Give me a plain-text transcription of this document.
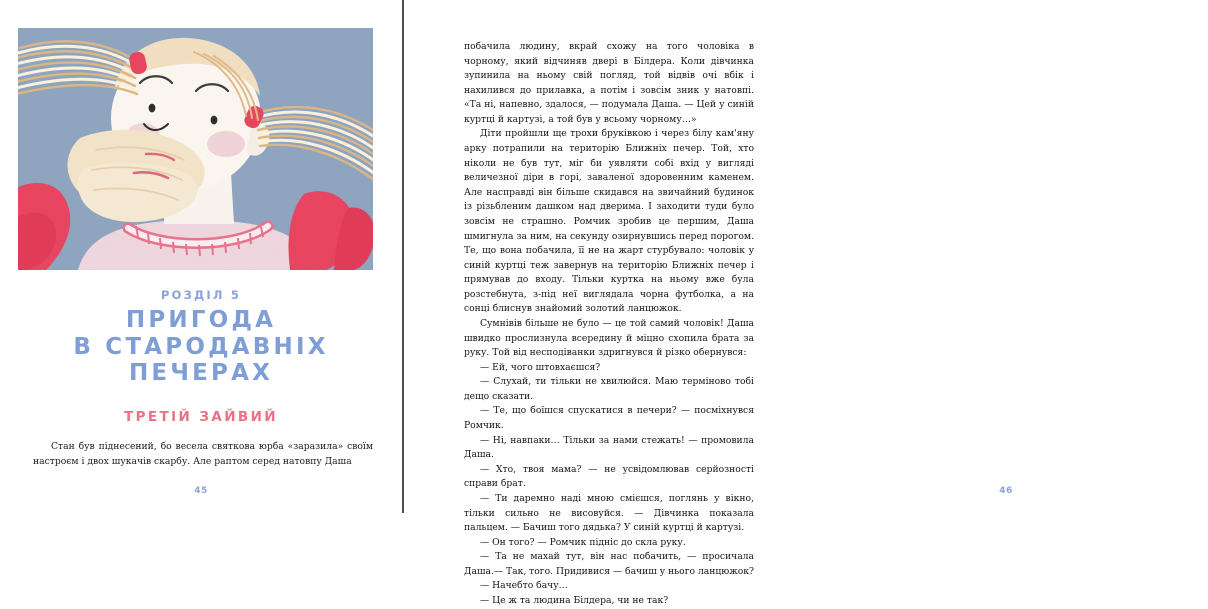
РОЗДІЛ 5
ПРИГОДА
В СТАРОДАВНІХ
ПЕЧЕРАХ
ТРЕТІЙ ЗАЙВИЙ
Стан був піднесений, бо весела святкова юрба «заразила» своїм настроєм і двох шукачів скарбу. Але раптом серед натовпу Даша
45

побачила людину, вкрай схожу на того чоловіка в чорному, який відчиняв двері в Білдера. Коли дівчинка зупинила на ньому свій погляд, той відвів очі вбік і нахилився до прилавка, а потім і зовсім зник у натовпі. «Та ні, напевно, здалося, — подумала Даша. — Цей у синій куртці й картузі, а той був у всьому чорному…»

Діти пройшли ще трохи бруківкою і через білу кам'яну арку потрапили на територію Ближніх печер. Той, хто ніколи не був тут, міг би уявляти собі вхід у вигляді величезної діри в горі, заваленої здоровенним каменем. Але насправді він більше скидався на звичайний будинок із різьбленим дашком над дверима. І заходити туди було зовсім не страшно. Ромчик зробив це першим, Даша шмигнула за ним, на секунду озирнувшись перед порогом. Те, що вона побачила, її не на жарт стурбувало: чоловік у синій куртці теж завернув на територію Ближніх печер і прямував до входу. Тільки куртка на ньому вже була розстебнута, з-під неї виглядала чорна футболка, а на сонці блиснув знайомий золотий ланцюжок.

Сумнівів більше не було — це той самий чоловік! Даша швидко прослизнула всередину й міцно схопила брата за руку. Той від несподіванки здригнувся й різко обернувся:

— Ей, чого штовхаєшся?

— Слухай, ти тільки не хвилюйся. Маю терміново тобі дещо сказати.

— Те, що боїшся спускатися в печери? — посміхнувся Ромчик.

— Ні, навпаки… Тільки за нами стежать! — промовила Даша.

— Хто, твоя мама? — не усвідомлював серйозності справи брат.

— Ти даремно наді мною смієшся, поглянь у вікно, тільки сильно не висовуйся. — Дівчинка показала пальцем. — Бачиш того дядька? У синій куртці й картузі.

— Он того? — Ромчик підніс до скла руку.

— Та не махай тут, він нас побачить, — просичала Даша.— Так, того. Придивися — бачиш у нього ланцюжок?

— Начебто бачу…

— Це ж та людина Білдера, чи не так?

46
